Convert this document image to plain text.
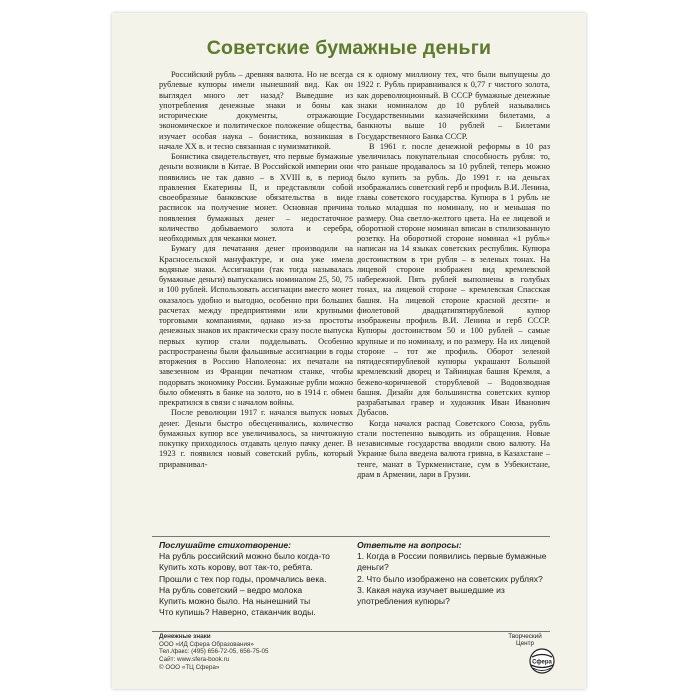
Советские бумажные деньги

Российский рубль – древняя валюта. Но не всегда рублевые купюры имели нынешний вид. Как он выглядел много лет назад? Выведшие из употребления денежные знаки и боны как исторические документы, отражающие экономическое и политическое положение общества, изучает особая наука – бонистика, возникшая в начале XX в. и тесно связанная с нумизматикой.

Бонистика свидетельствует, что первые бумажные деньги возникли в Китае. В Российской империи они появились не так давно – в XVIII в, в период правления Екатерины II, и представляли собой своеобразные банковские обязательства в виде расписок на получение монет. Основная причина появления бумажных денег – недостаточное количество добываемого золота и серебра, необходимых для чеканки монет.

Бумагу для печатания денег производили на Красносельской мануфактуре, и она уже имела водяные знаки. Ассигнации (так тогда называлась бумажные деньги) выпускались номиналом 25, 50, 75 и 100 рублей. Использовать ассигнации вместо монет оказалось удобно и выгодно, особенно при больших расчетах между предприятиями или крупными торговыми компаниями, однако из-за простоты денежных знаков их практически сразу после выпуска первых купюр стали подделывать. Особенно распространены были фальшивые ассигнации в годы вторжения в Россию Наполеона: их печатали на завезенном из Франции печатном станке, чтобы подорвать экономику России. Бумажные рубли можно было обменять в банке на золото, но в 1914 г. обмен прекратился в связи с началом войны.

После революции 1917 г. начался выпуск новых денег. Деньги быстро обесценивались, количество бумажных купюр все увеличивалось, за ничтожную покупку приходилось отдавать целую пачку денег. В 1923 г. появился новый советский рубль, который приравнивал-

ся к одному миллиону тех, что были выпущены до 1922 г. Рубль приравнивался к 0,77 г чистого золота, как дореволюционный. В СССР бумажные денежные знаки номиналом до 10 рублей назывались Государственными казначейскими билетами, а банкноты выше 10 рублей – Билетами Государственного Банка СССР.

В 1961 г. после денежной реформы в 10 раз увеличилась покупательная способность рубля: то, что раньше продавалось за 10 рублей, теперь можно было купить за рубль. До 1991 г. на деньгах изображались советский герб и профиль В.И. Ленина, главы советского государства. Купюра в 1 рубль не только младшая по номиналу, но и меньшая по размеру. Она светло-желтого цвета. На ее лицевой и оборотной стороне номинал вписан в стилизованную розетку. На оборотной стороне номинал «1 рубль» написан на 14 языках советских республик. Купюра достоинством в три рубля – в зеленых тонах. На лицевой стороне изображен вид кремлевской набережной. Пять рублей выполнены в голубых тонах, на лицевой стороне – кремлевская Спасская башня. На лицевой стороне красной десяти- и фиолетовой двадцатипятирублевой купюр изображены профиль В.И. Ленина и герб СССР. Купюры достоинством 50 и 100 рублей – самые крупные и по номиналу, и по размеру. На их лицевой стороне – тот же профиль. Оборот зеленой пятидесятирублевой купюры украшают Большой кремлевский дворец и Тайницкая башня Кремля, а бежево-коричневой сторублевой – Водовзводная башня. Дизайн для большинства советских купюр разрабатывал гравер и художник Иван Иванович Дубасов.

Когда начался распад Советского Союза, рубль стали постепенно выводить из обращения. Новые независимые государства вводили свою валюту. На Украине была введена валюта гривна, в Казахстане – тенге, манат в Туркменистане, сум в Узбекистане, драм в Армении, лари в Грузии.

Послушайте стихотворение:
На рубль российский можно было когда-то
Купить хоть корову, вот так-то, ребята.
Прошли с тех пор годы, промчались века.
На рубль советский – ведро молока
Купить можно было. На нынешний ты
Что купишь? Наверно, стаканчик воды.
Ответьте на вопросы:
1. Когда в России появились первые бумажные деньги?
2. Что было изображено на советских рублях?
3. Какая наука изучает вышедшие из употребления купюры?
Денежные знаки
ООО «ИД Сфера Образования»
Тел./факс: (495) 656-72-05, 656-75-05
Сайт: www.sfera-book.ru
© ООО «ТЦ Сфера»
Творческий
Центр
Сфера
